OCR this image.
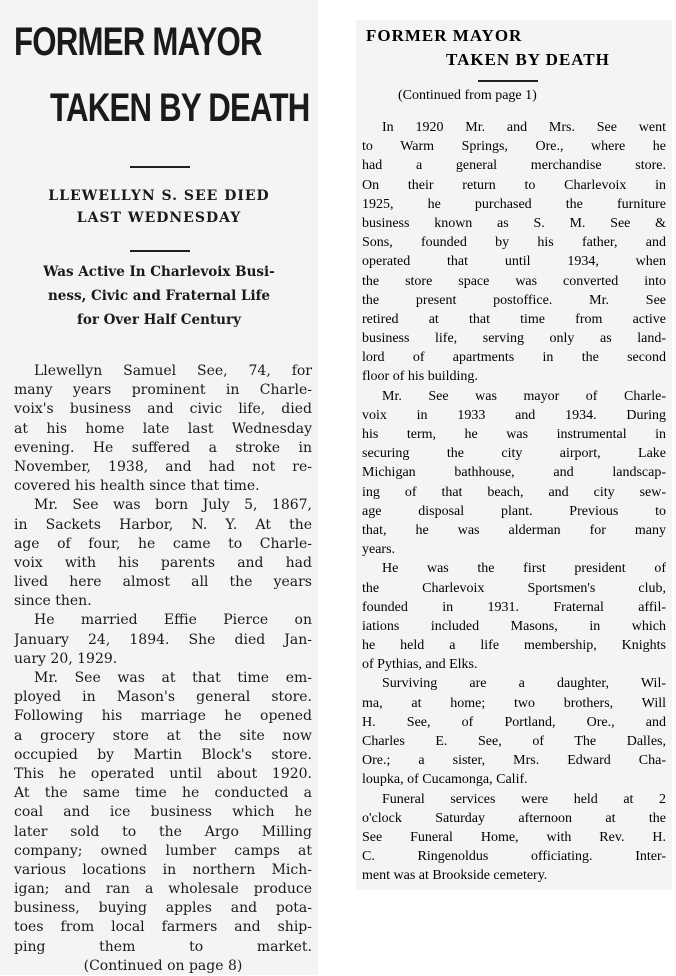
FORMER MAYOR
TAKEN BY DEATH
LLEWELLYN S. SEE DIED
LAST WEDNESDAY
Was Active In Charlevoix Busi-
ness, Civic and Fraternal Life
for Over Half Century
Llewellyn Samuel See, 74, for
many years prominent in Charle-
voix's business and civic life, died
at his home late last Wednesday
evening. He suffered a stroke in
November, 1938, and had not re-
covered his health since that time.
Mr. See was born July 5, 1867,
in Sackets Harbor, N. Y. At the
age of four, he came to Charle-
voix with his parents and had
lived here almost all the years
since then.
He married Effie Pierce on
January 24, 1894. She died Jan-
uary 20, 1929.
Mr. See was at that time em-
ployed in Mason's general store.
Following his marriage he opened
a grocery store at the site now
occupied by Martin Block's store.
This he operated until about 1920.
At the same time he conducted a
coal and ice business which he
later sold to the Argo Milling
company; owned lumber camps at
various locations in northern Mich-
igan; and ran a wholesale produce
business, buying apples and pota-
toes from local farmers and ship-
ping them to market.
(Continued on page 8)
FORMER MAYOR
TAKEN BY DEATH
(Continued from page 1)
In 1920 Mr. and Mrs. See went
to Warm Springs, Ore., where he
had a general merchandise store.
On their return to Charlevoix in
1925, he purchased the furniture
business known as S. M. See &
Sons, founded by his father, and
operated that until 1934, when
the store space was converted into
the present postoffice. Mr. See
retired at that time from active
business life, serving only as land-
lord of apartments in the second
floor of his building.
Mr. See was mayor of Charle-
voix in 1933 and 1934. During
his term, he was instrumental in
securing the city airport, Lake
Michigan bathhouse, and landscap-
ing of that beach, and city sew-
age disposal plant. Previous to
that, he was alderman for many
years.
He was the first president of
the Charlevoix Sportsmen's club,
founded in 1931. Fraternal affil-
iations included Masons, in which
he held a life membership, Knights
of Pythias, and Elks.
Surviving are a daughter, Wil-
ma, at home; two brothers, Will
H. See, of Portland, Ore., and
Charles E. See, of The Dalles,
Ore.; a sister, Mrs. Edward Cha-
loupka, of Cucamonga, Calif.
Funeral services were held at 2
o'clock Saturday afternoon at the
See Funeral Home, with Rev. H.
C. Ringenoldus officiating. Inter-
ment was at Brookside cemetery.
